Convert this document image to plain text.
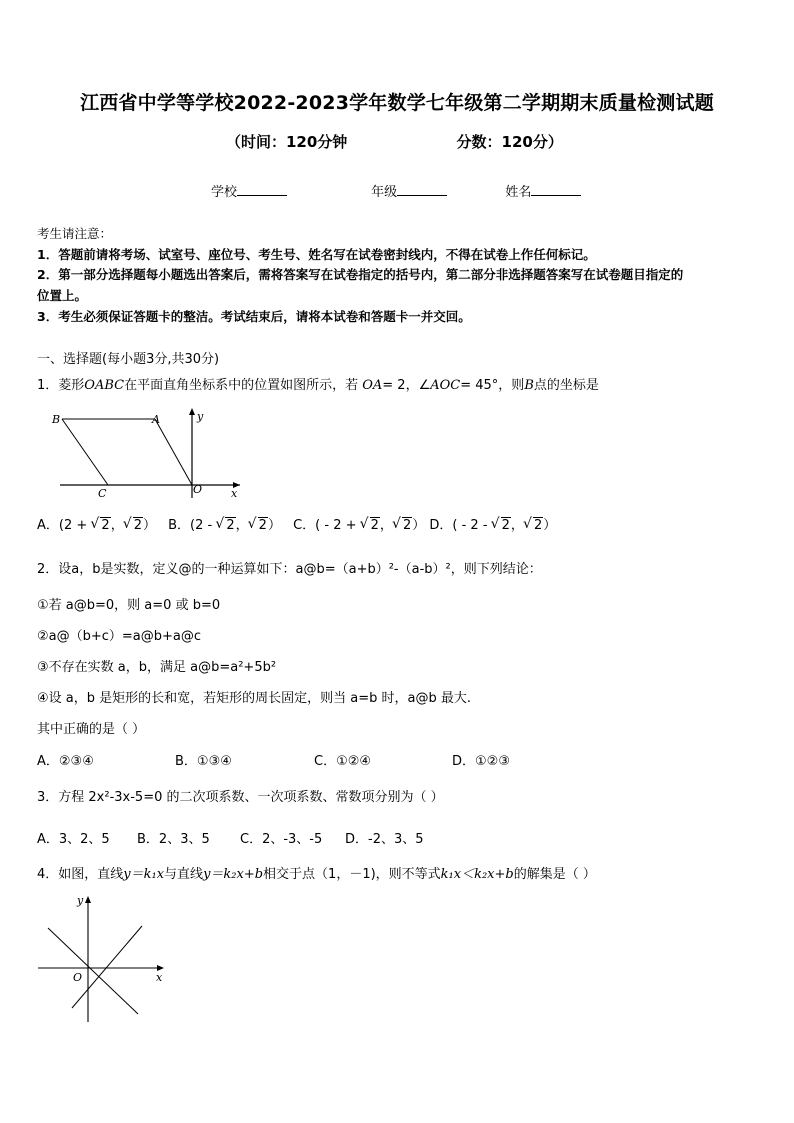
江西省中学等学校2022-2023学年数学七年级第二学期期末质量检测试题
（时间：120分钟	分数：120分）
学校	年级	姓名
考生请注意：
1．答题前请将考场、试室号、座位号、考生号、姓名写在试卷密封线内，不得在试卷上作任何标记。
2．第一部分选择题每小题选出答案后，需将答案写在试卷指定的括号内，第二部分非选择题答案写在试卷题目指定的
位置上。
3．考生必须保证答题卡的整洁。考试结束后，请将本试卷和答题卡一并交回。
一、选择题(每小题3分,共30分)
1．菱形OABC在平面直角坐标系中的位置如图所示，若 OA= 2，∠AOC= 45°，则B点的坐标是
B	A
C	O	x
y
A．(2 + √ 2， √ 2） B．(2 - √ 2， √ 2） C．( - 2 + √ 2， √ 2） D．( - 2 - √ 2， √ 2）
2．设a，b是实数，定义@的一种运算如下：a@b=（a+b）²-（a-b）²，则下列结论：
①若 a@b=0，则 a=0 或 b=0
②a@（b+c）=a@b+a@c
③不存在实数 a，b，满足 a@b=a²+5b²
④设 a，b 是矩形的长和宽，若矩形的周长固定，则当 a=b 时，a@b 最大.
其中正确的是（ ）
A．②③④	B．①③④	C．①②④	D．①②③
3．方程 2x²-3x-5=0 的二次项系数、一次项系数、常数项分别为（ ）
A．3、2、5 B．2、3、5 C．2、-3、-5 D．-2、3、5
4．如图，直线y＝k₁x与直线y＝k₂x+b相交于点（1，－1)，则不等式k₁x＜k₂x+b的解集是（ ）
y
O	x
